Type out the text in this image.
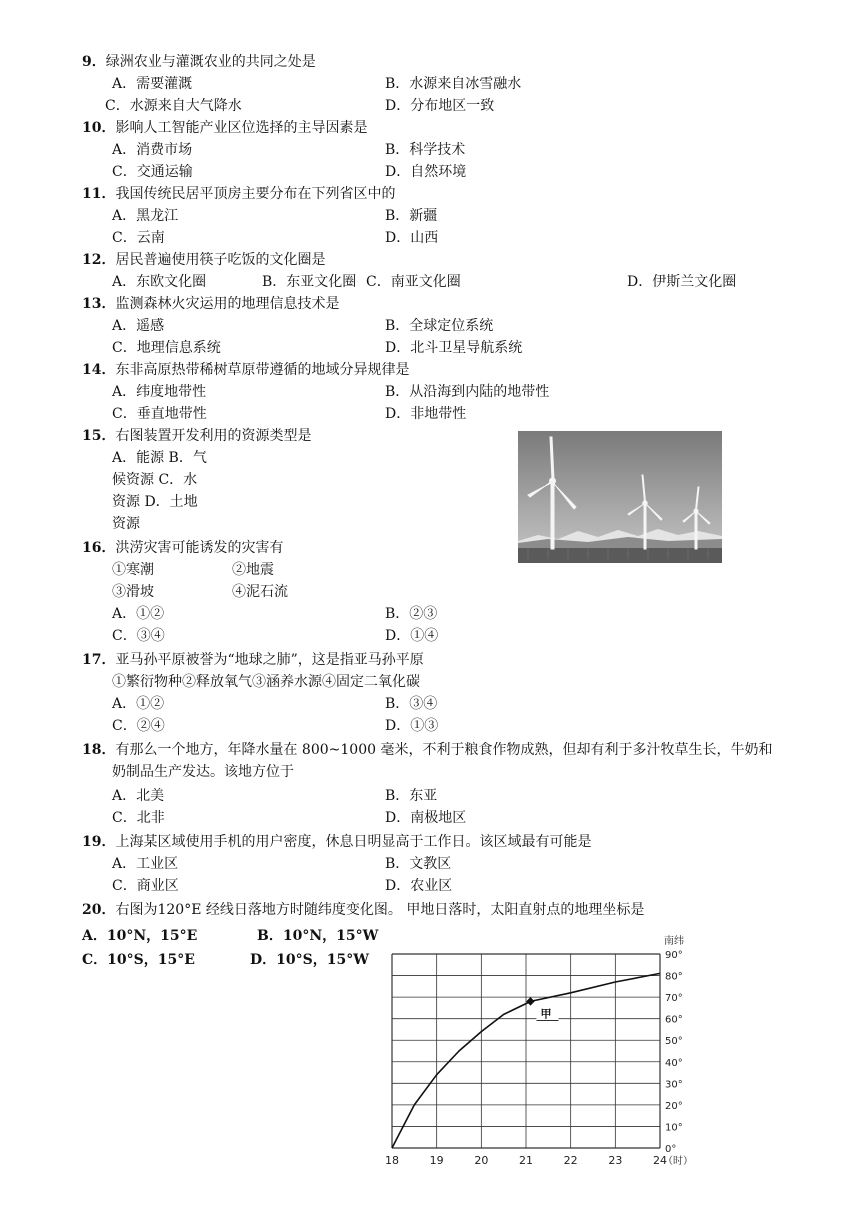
9．绿洲农业与灌溉农业的共同之处是
A．需要灌溉	B．水源来自冰雪融水
C．水源来自大气降水	D．分布地区一致
10．影响人工智能产业区位选择的主导因素是
A．消费市场	B．科学技术
C．交通运输	D．自然环境
11．我国传统民居平顶房主要分布在下列省区中的
A．黑龙江	B．新疆
C．云南	D．山西
12．居民普遍使用筷子吃饭的文化圈是
A．东欧文化圈	B．东亚文化圈 C．南亚文化圈	D．伊斯兰文化圈
13．监测森林火灾运用的地理信息技术是
A．遥感	B．全球定位系统
C．地理信息系统	D．北斗卫星导航系统
14．东非高原热带稀树草原带遵循的地域分异规律是
A．纬度地带性	B．从沿海到内陆的地带性
C．垂直地带性	D．非地带性
15．右图装置开发利用的资源类型是
A．能源 B．气
候资源 C．水
资源 D．土地
资源
16．洪涝灾害可能诱发的灾害有
①寒潮	②地震
③滑坡	④泥石流
A．①②	B．②③
C．③④	D．①④
17．亚马孙平原被誉为“地球之肺”，这是指亚马孙平原
①繁衍物种②释放氧气③涵养水源④固定二氧化碳
A．①②	B．③④
C．②④	D．①③
18．有那么一个地方，年降水量在 800~1000 毫米，不利于粮食作物成熟，但却有利于多汁牧草生长，牛奶和
奶制品生产发达。该地方位于
A．北美	B．东亚
C．北非	D．南极地区
19．上海某区域使用手机的用户密度，休息日明显高于工作日。该区域最有可能是
A．工业区	B．文教区
C．商业区	D．农业区
20．右图为120°E 经线日落地方时随纬度变化图。 甲地日落时，太阳直射点的地理坐标是
A．10°N，15°E	B．10°N，15°W
C．10°S，15°E	D．10°S，15°W
18	19	20	21	22	23	24
（时）
0°
10°
20°
30°
40°
50°
60°
70°
80°
90°
南纬
甲
